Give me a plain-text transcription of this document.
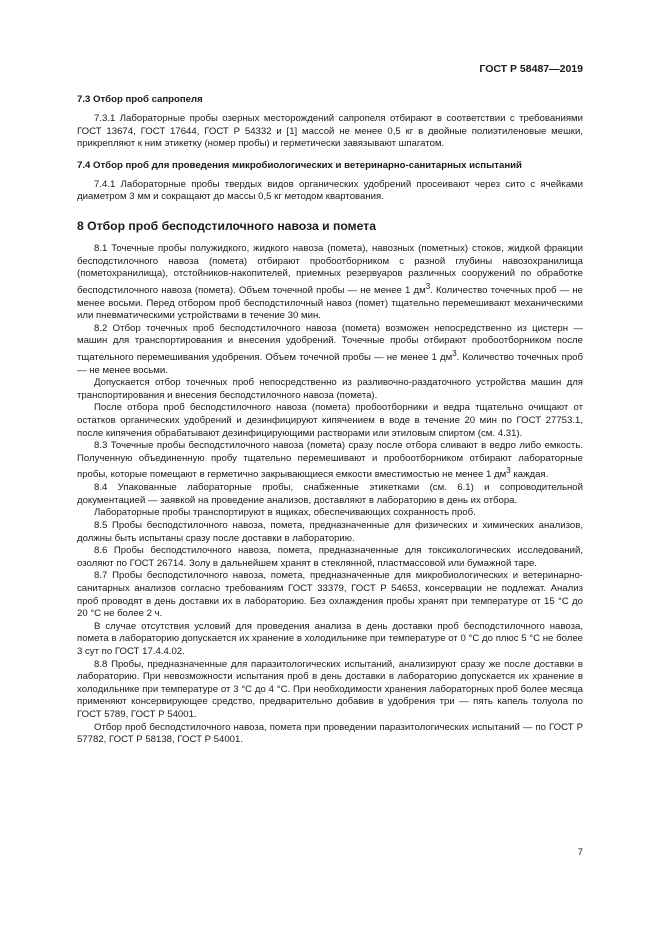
ГОСТ Р 58487—2019
7.3 Отбор проб сапропеля

7.3.1 Лабораторные пробы озерных месторождений сапропеля отбирают в соответствии с требованиями ГОСТ 13674, ГОСТ 17644, ГОСТ Р 54332 и [1] массой не менее 0,5 кг в двойные полиэтиленовые мешки, прикрепляют к ним этикетку (номер пробы) и герметически завязывают шпагатом.

7.4 Отбор проб для проведения микробиологических и ветеринарно-санитарных испытаний

7.4.1 Лабораторные пробы твердых видов органических удобрений просеивают через сито с ячейками диаметром 3 мм и сокращают до массы 0,5 кг методом квартования.

8 Отбор проб бесподстилочного навоза и помета

8.1 Точечные пробы полужидкого, жидкого навоза (помета), навозных (пометных) стоков, жидкой фракции бесподстилочного навоза (помета) отбирают пробоотборником с разной глубины навозохранилища (пометохранилища), отстойников-накопителей, приемных резервуаров различных сооружений по обработке бесподстилочного навоза (помета). Объем точечной пробы — не менее 1 $дм^3$. Количество точечных проб — не менее восьми. Перед отбором проб бесподстилочный навоз (помет) тщательно перемешивают механическими или пневматическими устройствами в течение 30 мин.

8.2 Отбор точечных проб бесподстилочного навоза (помета) возможен непосредственно из цистерн — машин для транспортирования и внесения удобрений. Точечные пробы отбирают пробоотборником после тщательного перемешивания удобрения. Объем точечной пробы — не менее 1 $дм^3$. Количество точечных проб — не менее восьми.

Допускается отбор точечных проб непосредственно из разливочно-раздаточного устройства машин для транспортирования и внесения бесподстилочного навоза (помета).

После отбора проб бесподстилочного навоза (помета) пробоотборники и ведра тщательно очищают от остатков органических удобрений и дезинфицируют кипячением в воде в течение 20 мин по ГОСТ 27753.1, после кипячения обрабатывают дезинфицирующими растворами или этиловым спиртом (см. 4.31).

8.3 Точечные пробы бесподстилочного навоза (помета) сразу после отбора сливают в ведро либо емкость. Полученную объединенную пробу тщательно перемешивают и пробоотборником отбирают лабораторные пробы, которые помещают в герметично закрывающиеся емкости вместимостью не менее 1 $дм^3$ каждая.

8.4 Упакованные лабораторные пробы, снабженные этикетками (см. 6.1) и сопроводительной документацией — заявкой на проведение анализов, доставляют в лабораторию в день их отбора.

Лабораторные пробы транспортируют в ящиках, обеспечивающих сохранность проб.

8.5 Пробы бесподстилочного навоза, помета, предназначенные для физических и химических анализов, должны быть испытаны сразу после доставки в лабораторию.

8.6 Пробы бесподстилочного навоза, помета, предназначенные для токсикологических исследований, озоляют по ГОСТ 26714. Золу в дальнейшем хранят в стеклянной, пластмассовой или бумажной таре.

8.7 Пробы бесподстилочного навоза, помета, предназначенные для микробиологических и ветеринарно-санитарных анализов согласно требованиям ГОСТ 33379, ГОСТ Р 54653, консервации не подлежат. Анализ проб проводят в день доставки их в лабораторию. Без охлаждения пробы хранят при температуре от 15 °С до 20 °С не более 2 ч.

В случае отсутствия условий для проведения анализа в день доставки проб бесподстилочного навоза, помета в лабораторию допускается их хранение в холодильнике при температуре от 0 °С до плюс 5 °С не более 3 сут по ГОСТ 17.4.4.02.

8.8 Пробы, предназначенные для паразитологических испытаний, анализируют сразу же после доставки в лабораторию. При невозможности испытания проб в день доставки в лабораторию допускается их хранение в холодильнике при температуре от 3 °С до 4 °С. При необходимости хранения лабораторных проб более месяца применяют консервирующее средство, предварительно добавив в удобрения три — пять капель толуола по ГОСТ 5789, ГОСТ Р 54001.

Отбор проб бесподстилочного навоза, помета при проведении паразитологических испытаний — по ГОСТ Р 57782, ГОСТ Р 58138, ГОСТ Р 54001.

7
